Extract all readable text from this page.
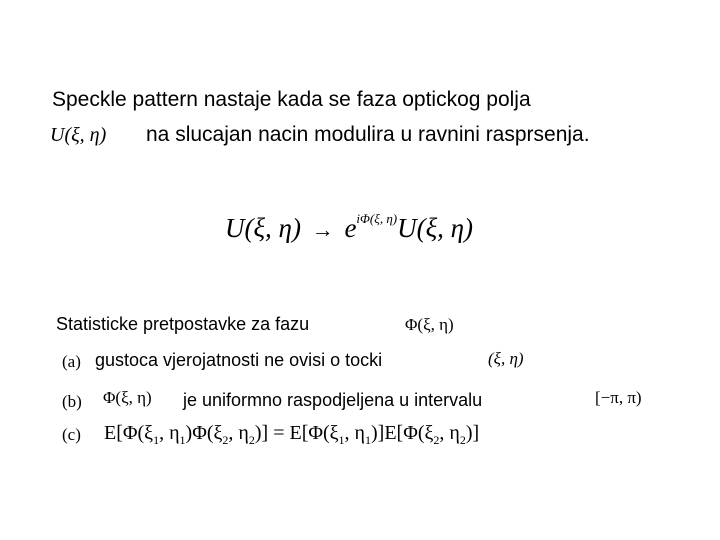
Speckle pattern nastaje kada se faza optickog polja
U(ξ, η) na slucajan nacin modulira u ravnini rasprsenja.
U(ξ, $\eta) \to e^{i\Phi(\xi, \eta)}U(\xi$, η)
Statisticke pretpostavke za fazu	Φ(ξ, η)
(a) gustoca vjerojatnosti ne ovisi o tocki	(ξ, η)
(b) Φ(ξ, η) je uniformno raspodjeljena u intervalu	[−π, π)
(c) $E[\Phi(\xi_1$, $\eta_1)\Phi(\xi_2$, $\eta_2)] = E[\Phi(\xi_1$, $\eta_1)]E[\Phi(\xi_2$, $\eta_2$)]
